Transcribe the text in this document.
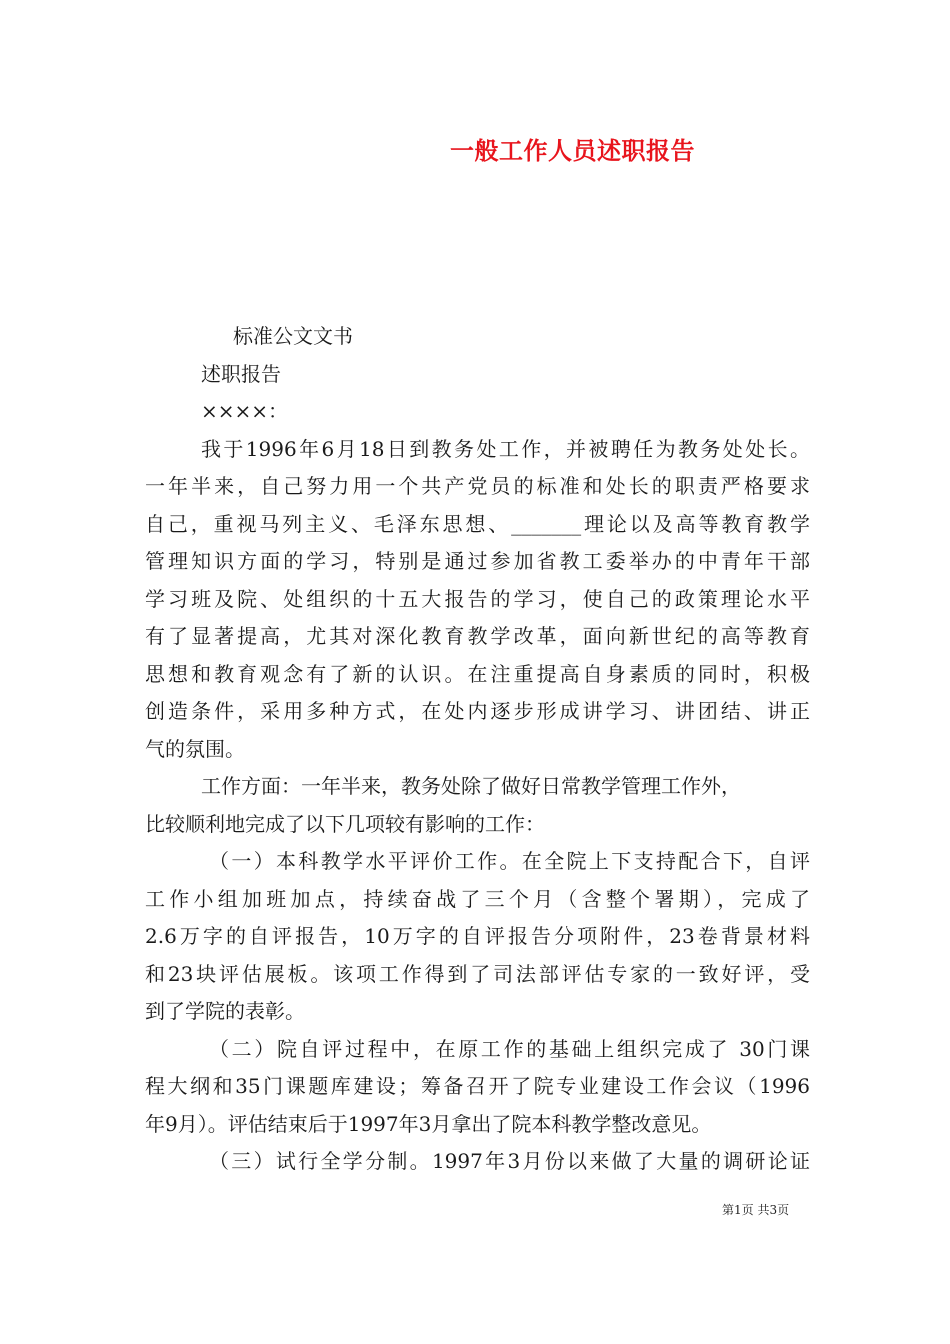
一般工作人员述职报告
标准公文文书
述职报告
××××：
我于1996年6月18日到教务处工作，并被聘任为教务处处长。
一年半来，自己努力用一个共产党员的标准和处长的职责严格要求
自己，重视马列主义、毛泽东思想、_______理论以及高等教育教学
管理知识方面的学习，特别是通过参加省教工委举办的中青年干部
学习班及院、处组织的十五大报告的学习，使自己的政策理论水平
有了显著提高，尤其对深化教育教学改革，面向新世纪的高等教育
思想和教育观念有了新的认识。在注重提高自身素质的同时，积极
创造条件，采用多种方式，在处内逐步形成讲学习、讲团结、讲正
气的氛围。
工作方面：一年半来，教务处除了做好日常教学管理工作外，
比较顺利地完成了以下几项较有影响的工作：
（一）本科教学水平评价工作。在全院上下支持配合下，自评
工作小组加班加点，持续奋战了三个月（含整个署期），完成了
2.6万字的自评报告，10万字的自评报告分项附件，23卷背景材料
和23块评估展板。该项工作得到了司法部评估专家的一致好评，受
到了学院的表彰。
（二）院自评过程中，在原工作的基础上组织完成了 30门课
程大纲和35门课题库建设；筹备召开了院专业建设工作会议（1996
年9月）。评估结束后于1997年3月拿出了院本科教学整改意见。
（三）试行全学分制。1997年3月份以来做了大量的调研论证
第1页 共3页
